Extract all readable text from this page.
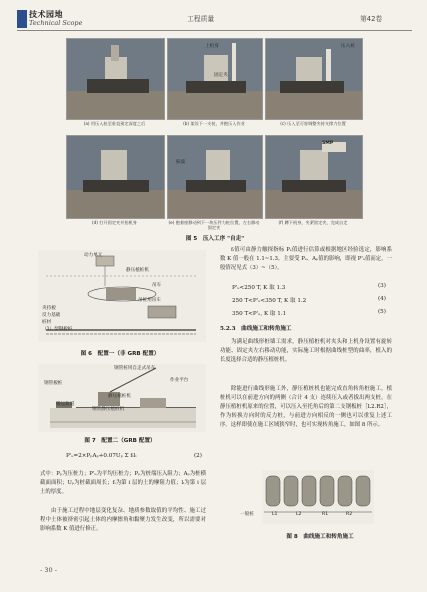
技术园地
Technical Scope	工程质量	第42卷
上机身
固定夹
压入桩
(a) 用压入桩至垂直预定深度之后	(b) 架设下一支桩，并抱压入作业	(c) 压入至可容调整夹持支撑力位置
振波
SMP
(d) 打开固定夹并抬机身	(e) 抱着座移动到下一块压件力桩位置，左右移动固定夹
(f) 蹲下机身，夹紧固定夹，完成自走
图 5　压入工序 "自走"
动力单元
静压植桩机
吊车
吊桩用吊车
夹持板
反力基础
桩材
（1）型钢板桩
图 6　配置一（非 GRB 配置）
钢管板桩
钢管桩用自走式吊车
作业平台
静压植桩机
搬运轨道
钢管静压植桩机
图 7　配置二（GRB 配置）
P'ᵤ=2×PₚAₚ+0.07Uₚ Σ fᵢlᵢ	(2)
式中：Pₚ为压桩力；P'ᵤ为平均压桩力；Pₚ为桩端压入阻力；Aₚ为桩横截面面积；Uₚ为桩截面周长；fᵢ为第 i 层的土的摩阻力值；lᵢ为第 i 层土的厚度。
由于施工过程中地层变化复杂、地质参数取值的平均性、施工过程中土体被挤密引起土体的内摩擦角和黏聚力发生改变，所以需要对影响系数 K 值进行修正。
fᵢ值可由静力触探指标 Pₛ值进行估算或根据地区经验选定，影响系数 K 值一般在 1.1~1.3。主要受 Pₛ、Aₚ值的影响，即视 P'ᵤ值而定。一般情况见式（3）~（5）。
P'ᵤ<250 T, K 取 1.3	(3)
250 T<P'ᵤ<350 T, K 取 1.2	(4)
350 T<P'ᵤ, K 取 1.1	(5)
5.2.3　曲线施工和转角施工
为满足曲线形桩墙工需求，静压植桩机对夹头和上机身设置有旋转功能、固定夹左右移动功能，实际施工时根据曲线桩型的曲率，植入的长度选择合适的静压植桩机。
除能进行曲线形施工外，静压植桩机也能完成直角转角桩施工。植桩机可以在前进方向的两侧（合计 4 支）连续压入或者拔出两支桩。在静压植桩机原来的位置，可以压入至托角后的第二支钢板桩［L2.R2］，作为转换方向时的反力桩，与前进方向相反的一侧也可以重复上述工序。这样即使在施工区域狭窄时，也可实现转角施工，如图 8 所示。
L1	L2	R1	R2
一般桩
图 8　曲线施工和转角施工
- 30 -
